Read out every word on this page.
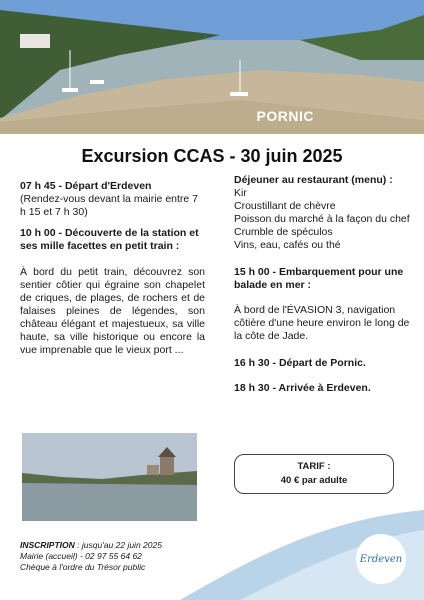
PORNIC
Excursion CCAS - 30 juin 2025
07 h 45 - Départ d'Erdeven
(Rendez-vous devant la mairie entre 7 h 15 et 7 h 30)
10 h 00 - Découverte de la station et ses mille facettes en petit train :
À bord du petit train, découvrez son sentier côtier qui égraine son chapelet de criques, de plages, de rochers et de falaises pleines de légendes, son château élégant et majestueux, sa ville haute, sa ville historique ou encore la vue imprenable que le vieux port ...
Déjeuner au restaurant (menu) :
Kir
Croustillant de chèvre
Poisson du marché à la façon du chef
Crumble de spéculos
Vins, eau, cafés ou thé
15 h 00 - Embarquement pour une balade en mer :
À bord de l'ÉVASION 3, navigation côtière d'une heure environ le long de la côte de Jade.
16 h 30 - Départ de Pornic.
18 h 30 - Arrivée à Erdeven.
TARIF :
40 € par adulte
INSCRIPTION : jusqu'au 22 juin 2025
Mairie (accueil) - 02 97 55 64 62
Chèque à l'ordre du Trésor public
Erdeven
